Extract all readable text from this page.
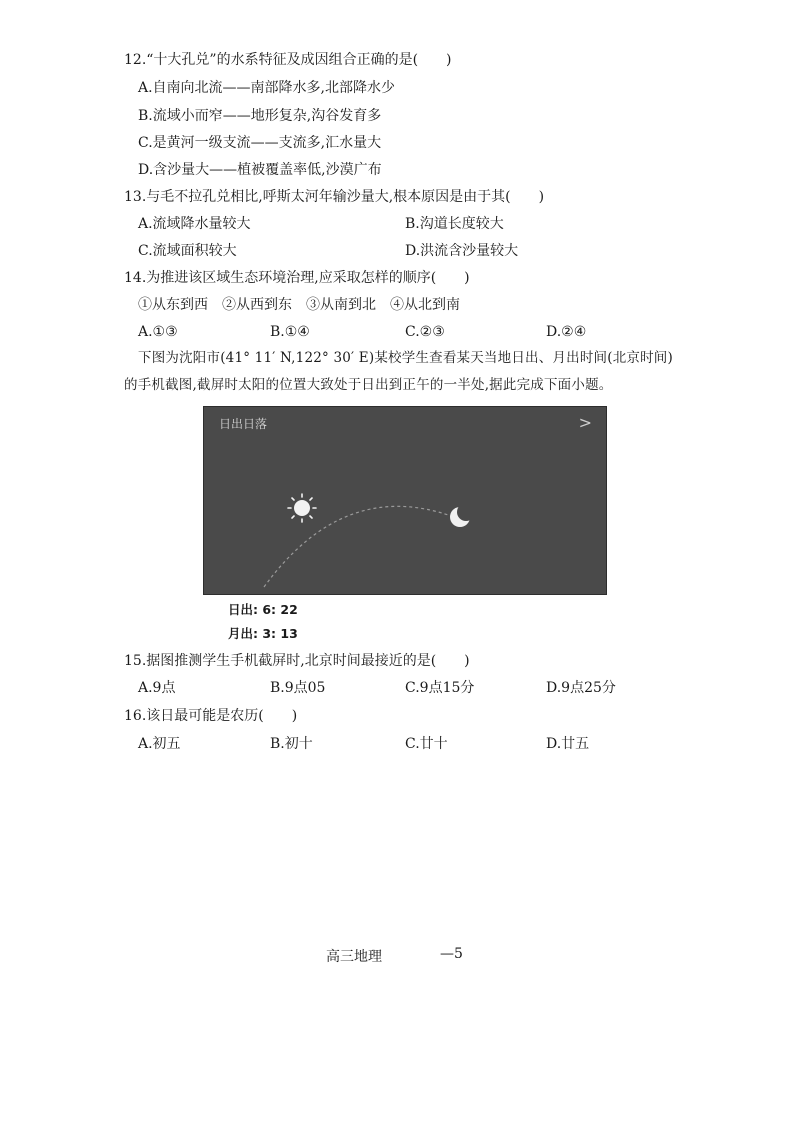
12.“十大孔兑”的水系特征及成因组合正确的是(　　)
A.自南向北流——南部降水多,北部降水少
B.流域小而窄——地形复杂,沟谷发育多
C.是黄河一级支流——支流多,汇水量大
D.含沙量大——植被覆盖率低,沙漠广布
13.与毛不拉孔兑相比,呼斯太河年输沙量大,根本原因是由于其(　　)
A.流域降水量较大	B.沟道长度较大
C.流域面积较大	D.洪流含沙量较大
14.为推进该区域生态环境治理,应采取怎样的顺序(　　)
①从东到西　②从西到东　③从南到北　④从北到南
A.①③	B.①④	C.②③	D.②④
下图为沈阳市(41° 11′ N,122° 30′ E)某校学生查看某天当地日出、月出时间(北京时间)的手机截图,截屏时太阳的位置大致处于日出到正午的一半处,据此完成下面小题。
日出日落	>
日出: 6: 22
月出: 3: 13
15.据图推测学生手机截屏时,北京时间最接近的是(　　)
A.9点	B.9点05	C.9点15分	D.9点25分
16.该日最可能是农历(　　)
A.初五	B.初十	C.廿十	D.廿五
高三地理	—5
